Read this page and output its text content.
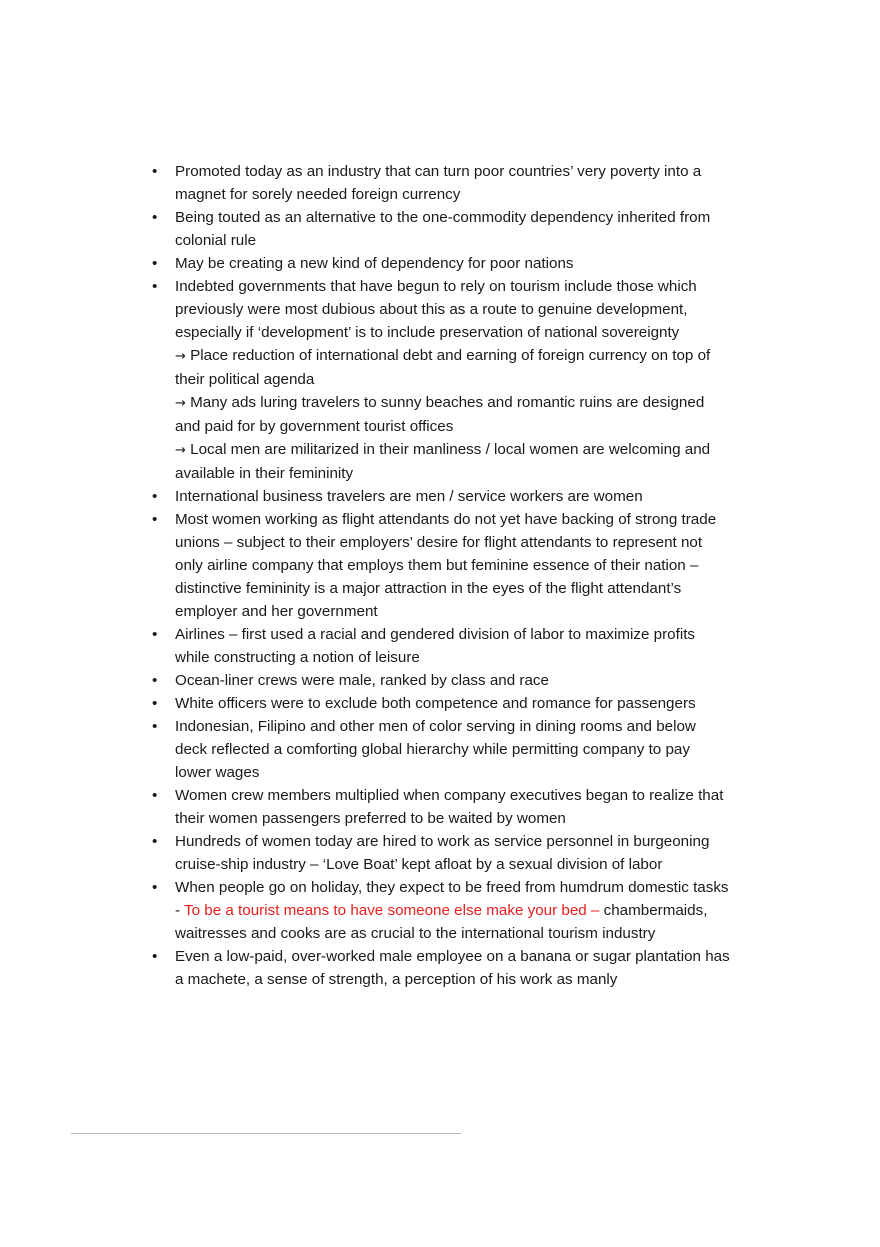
•	Promoted today as an industry that can turn poor countries’ very poverty into a magnet for sorely needed foreign currency
•	Being touted as an alternative to the one-commodity dependency inherited from colonial rule
•	May be creating a new kind of dependency for poor nations
•	Indebted governments that have begun to rely on tourism include those which previously were most dubious about this as a route to genuine development, especially if ‘development’ is to include preservation of national sovereignty
→ Place reduction of international debt and earning of foreign currency on top of their political agenda
→ Many ads luring travelers to sunny beaches and romantic ruins are designed and paid for by government tourist offices
→ Local men are militarized in their manliness / local women are welcoming and available in their femininity
•	International business travelers are men / service workers are women
•	Most women working as flight attendants do not yet have backing of strong trade unions – subject to their employers’ desire for flight attendants to represent not only airline company that employs them but feminine essence of their nation – distinctive femininity is a major attraction in the eyes of the flight attendant’s employer and her government
•	Airlines – first used a racial and gendered division of labor to maximize profits while constructing a notion of leisure
•	Ocean-liner crews were male, ranked by class and race
•	White officers were to exclude both competence and romance for passengers
•	Indonesian, Filipino and other men of color serving in dining rooms and below deck reflected a comforting global hierarchy while permitting company to pay lower wages
•	Women crew members multiplied when company executives began to realize that their women passengers preferred to be waited by women
•	Hundreds of women today are hired to work as service personnel in burgeoning cruise-ship industry – ‘Love Boat’ kept afloat by a sexual division of labor
•	When people go on holiday, they expect to be freed from humdrum domestic tasks - To be a tourist means to have someone else make your bed – chambermaids, waitresses and cooks are as crucial to the international tourism industry
•	Even a low-paid, over-worked male employee on a banana or sugar plantation has a machete, a sense of strength, a perception of his work as manly
